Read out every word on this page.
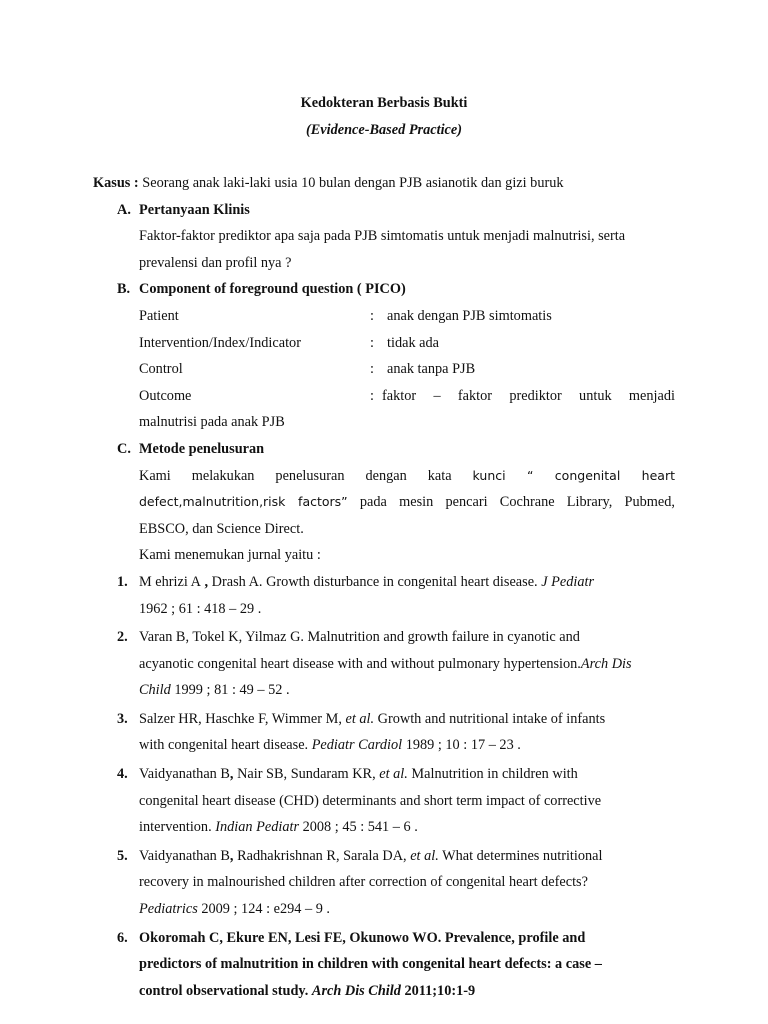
Kedokteran Berbasis Bukti

(Evidence-Based Practice)

Kasus : Seorang anak laki-laki usia 10 bulan dengan PJB asianotik dan gizi buruk
A. Pertanyaan Klinis
Faktor-faktor prediktor apa saja pada PJB simtomatis untuk menjadi malnutrisi, serta
prevalensi dan profil nya ?
B. Component of foreground question ( PICO)
Patient	: anak dengan PJB simtomatis
Intervention/Index/Indicator	: tidak ada
Control	: anak tanpa PJB
Outcome	: faktor – faktor prediktor untuk menjadi
malnutrisi pada anak PJB
C. Metode penelusuran
Kami melakukan penelusuran dengan kata kunci “ congenital heart
defect,malnutrition,risk factors” pada mesin pencari Cochrane Library, Pubmed,
EBSCO, dan Science Direct.
Kami menemukan jurnal yaitu :
1. M ehrizi A , Drash A. Growth disturbance in congenital heart disease. J Pediatr
1962 ; 61 : 418 – 29 .
2. Varan B, Tokel K, Yilmaz G. Malnutrition and growth failure in cyanotic and
acyanotic congenital heart disease with and without pulmonary hypertension.Arch Dis
Child 1999 ; 81 : 49 – 52 .
3. Salzer HR, Haschke F, Wimmer M, et al. Growth and nutritional intake of infants
with congenital heart disease. Pediatr Cardiol 1989 ; 10 : 17 – 23 .
4. Vaidyanathan B, Nair SB, Sundaram KR, et al. Malnutrition in children with
congenital heart disease (CHD) determinants and short term impact of corrective
intervention. Indian Pediatr 2008 ; 45 : 541 – 6 .
5. Vaidyanathan B, Radhakrishnan R, Sarala DA, et al. What determines nutritional
recovery in malnourished children after correction of congenital heart defects?
Pediatrics 2009 ; 124 : e294 – 9 .
6. Okoromah C, Ekure EN, Lesi FE, Okunowo WO. Prevalence, profile and
predictors of malnutrition in children with congenital heart defects: a case –
control observational study. Arch Dis Child 2011;10:1-9
